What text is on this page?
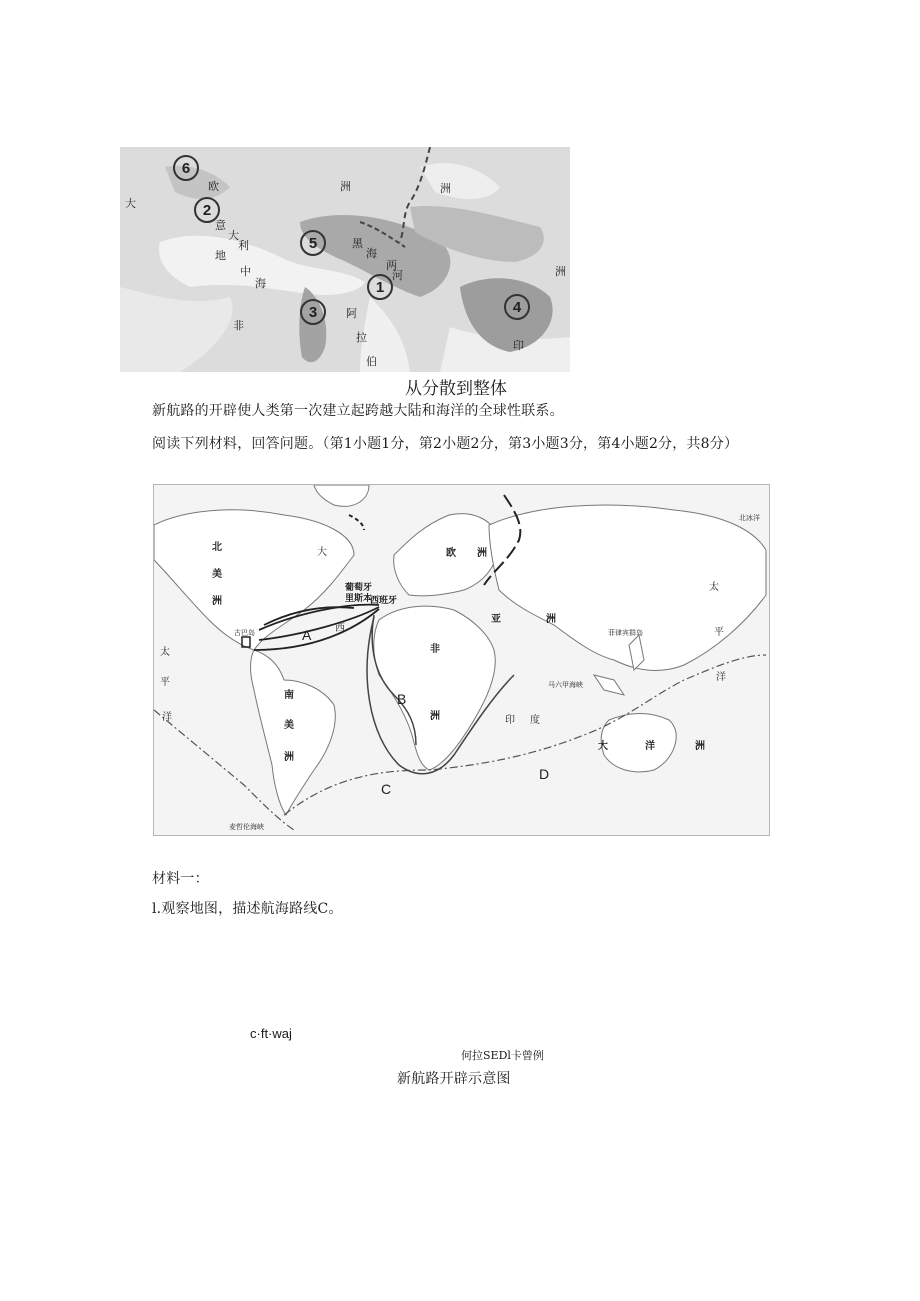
6
2
5
1
3	4
大
欧	洲	洲
意
大
利
地
中
海
黑
海
两
河
非
阿
拉
伯
印
洲
从分散到整体
新航路的开辟使人类第一次建立起跨越大陆和海洋的全球性联系。
阅读下列材料，回答问题。（第1小题1分，第2小题2分，第3小题3分，第4小题2分，共8分）
A
B
C
D
北
美
洲
南
美
洲
欧 洲
亚	洲
非
洲
大	洋	洲
大
西
印 度
太
平
洋
太
平
洋
葡萄牙
西班牙
里斯本
古巴岛	菲律宾群岛
麦哲伦海峡
马六甲海峡
北冰洋
材料一：
l.观察地图，描述航海路线C。
c·ft·waj
何拉SEDl卡曾例
新航路开辟示意图
